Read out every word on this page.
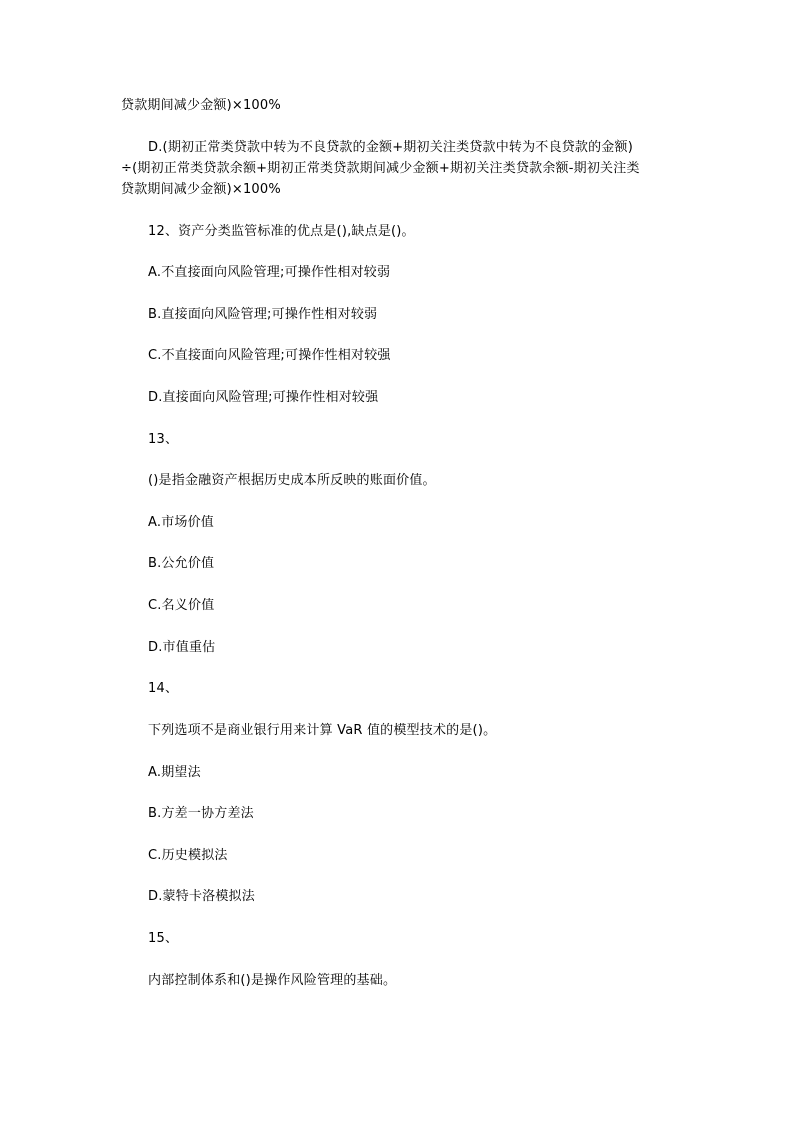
贷款期间减少金额)×100%
D.(期初正常类贷款中转为不良贷款的金额+期初关注类贷款中转为不良贷款的金额)
÷(期初正常类贷款余额+期初正常类贷款期间减少金额+期初关注类贷款余额-期初关注类
贷款期间减少金额)×100%
12、资产分类监管标准的优点是(),缺点是()。
A.不直接面向风险管理;可操作性相对较弱
B.直接面向风险管理;可操作性相对较弱
C.不直接面向风险管理;可操作性相对较强
D.直接面向风险管理;可操作性相对较强
13、
()是指金融资产根据历史成本所反映的账面价值。
A.市场价值
B.公允价值
C.名义价值
D.市值重估
14、
下列选项不是商业银行用来计算 VaR 值的模型技术的是()。
A.期望法
B.方差一协方差法
C.历史模拟法
D.蒙特卡洛模拟法
15、
内部控制体系和()是操作风险管理的基础。
